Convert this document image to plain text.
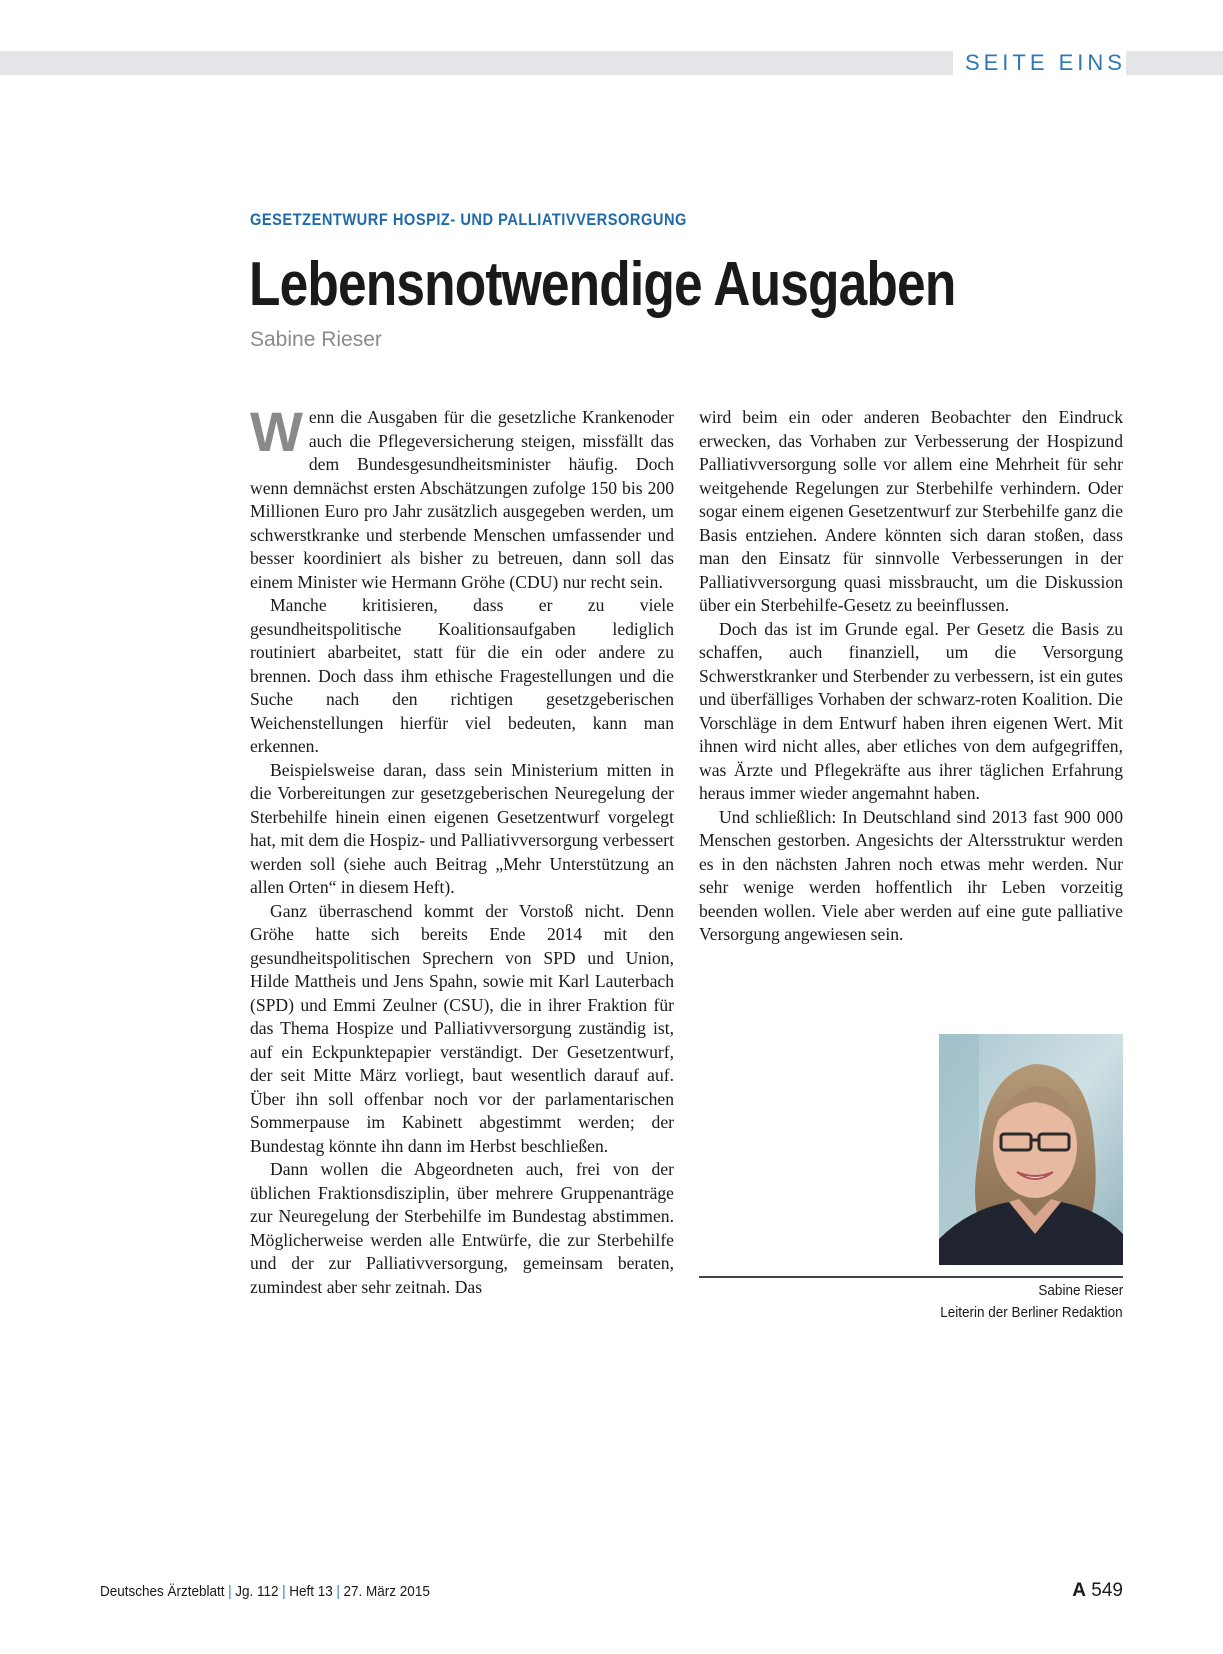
SEITE EINS
GESETZENTWURF HOSPIZ- UND PALLIATIVVERSORGUNG
Lebensnotwendige Ausgaben
Sabine Rieser

Wenn die Ausgaben für die gesetzliche Krankenoder auch die Pflegeversicherung steigen, missfällt das dem Bundesgesundheitsminister häufig. Doch wenn demnächst ersten Abschätzungen zufolge 150 bis 200 Millionen Euro pro Jahr zusätzlich ausgegeben werden, um schwerstkranke und sterbende Menschen umfassender und besser koordiniert als bisher zu betreuen, dann soll das einem Minister wie Hermann Gröhe (CDU) nur recht sein.

Manche kritisieren, dass er zu viele gesundheitspolitische Koalitionsaufgaben lediglich routiniert abarbeitet, statt für die ein oder andere zu brennen. Doch dass ihm ethische Fragestellungen und die Suche nach den richtigen gesetzgeberischen Weichenstellungen hierfür viel bedeuten, kann man erkennen.

Beispielsweise daran, dass sein Ministerium mitten in die Vorbereitungen zur gesetzgeberischen Neuregelung der Sterbehilfe hinein einen eigenen Gesetzentwurf vorgelegt hat, mit dem die Hospiz- und Palliativversorgung verbessert werden soll (siehe auch Beitrag „Mehr Unterstützung an allen Orten“ in diesem Heft).

Ganz überraschend kommt der Vorstoß nicht. Denn Gröhe hatte sich bereits Ende 2014 mit den gesundheitspolitischen Sprechern von SPD und Union, Hilde Mattheis und Jens Spahn, sowie mit Karl Lauterbach (SPD) und Emmi Zeulner (CSU), die in ihrer Fraktion für das Thema Hospize und Palliativversorgung zuständig ist, auf ein Eckpunktepapier verständigt. Der Gesetzentwurf, der seit Mitte März vorliegt, baut wesentlich darauf auf. Über ihn soll offenbar noch vor der parlamentarischen Sommerpause im Kabinett abgestimmt werden; der Bundestag könnte ihn dann im Herbst beschließen.

Dann wollen die Abgeordneten auch, frei von der üblichen Fraktionsdisziplin, über mehrere Gruppenanträge zur Neuregelung der Sterbehilfe im Bundestag abstimmen. Möglicherweise werden alle Entwürfe, die zur Sterbehilfe und der zur Palliativversorgung, gemeinsam beraten, zumindest aber sehr zeitnah. Das

wird beim ein oder anderen Beobachter den Eindruck erwecken, das Vorhaben zur Verbesserung der Hospizund Palliativversorgung solle vor allem eine Mehrheit für sehr weitgehende Regelungen zur Sterbehilfe verhindern. Oder sogar einem eigenen Gesetzentwurf zur Sterbehilfe ganz die Basis entziehen. Andere könnten sich daran stoßen, dass man den Einsatz für sinnvolle Verbesserungen in der Palliativversorgung quasi missbraucht, um die Diskussion über ein Sterbehilfe-Gesetz zu beeinflussen.

Doch das ist im Grunde egal. Per Gesetz die Basis zu schaffen, auch finanziell, um die Versorgung Schwerstkranker und Sterbender zu verbessern, ist ein gutes und überfälliges Vorhaben der schwarz-roten Koalition. Die Vorschläge in dem Entwurf haben ihren eigenen Wert. Mit ihnen wird nicht alles, aber etliches von dem aufgegriffen, was Ärzte und Pflegekräfte aus ihrer täglichen Erfahrung heraus immer wieder angemahnt haben.

Und schließlich: In Deutschland sind 2013 fast 900 000 Menschen gestorben. Angesichts der Altersstruktur werden es in den nächsten Jahren noch etwas mehr werden. Nur sehr wenige werden hoffentlich ihr Leben vorzeitig beenden wollen. Viele aber werden auf eine gute palliative Versorgung angewiesen sein.

Sabine Rieser
Leiterin der Berliner Redaktion
Deutsches Ärzteblatt | Jg. 112 | Heft 13 | 27. März 2015	A 549
